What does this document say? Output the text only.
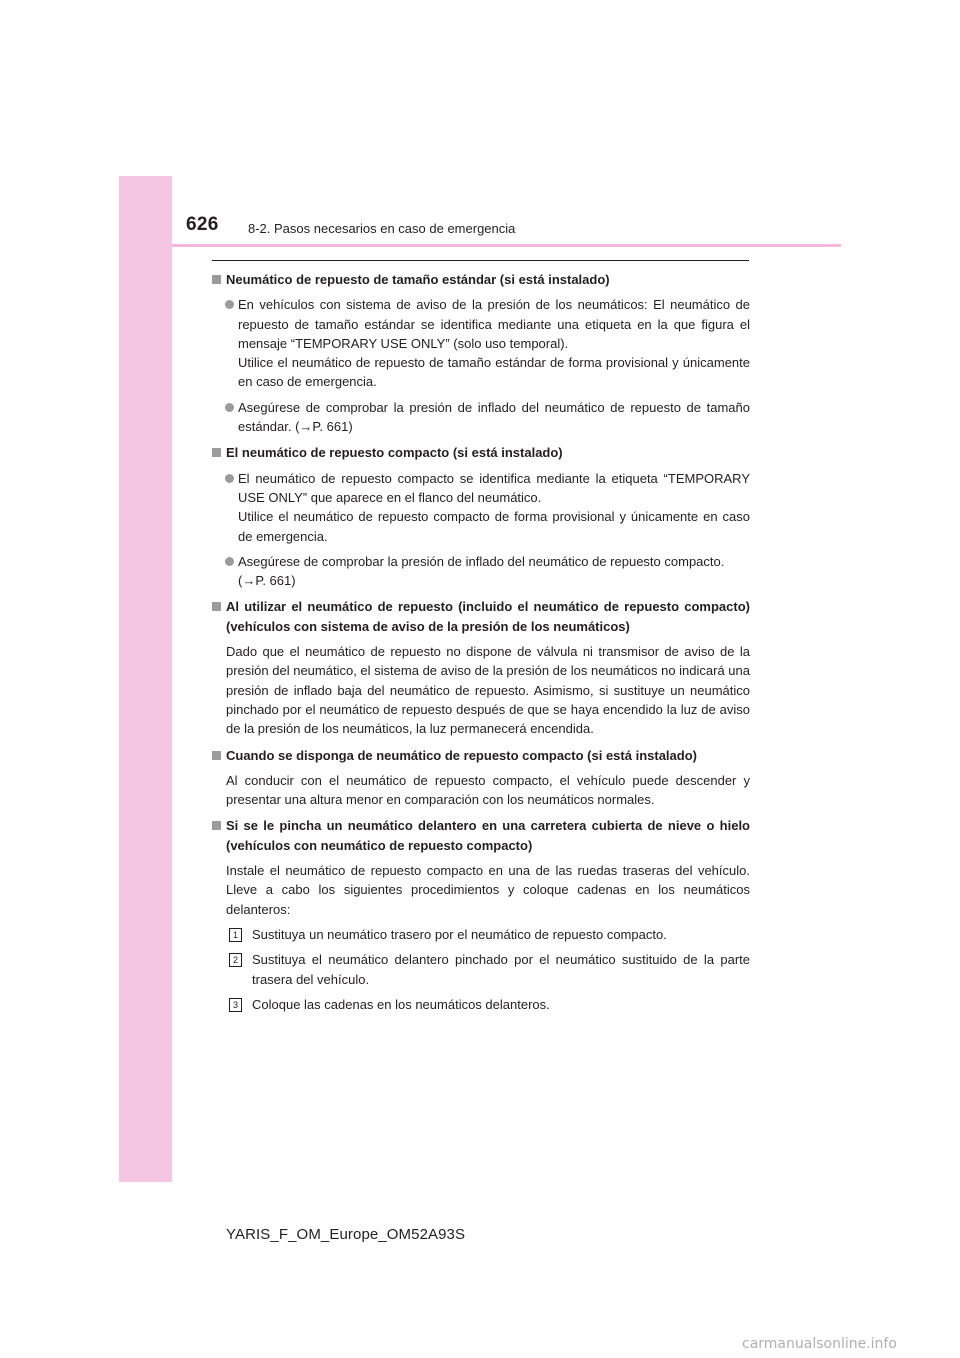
626 8-2. Pasos necesarios en caso de emergencia

Neumático de repuesto de tamaño estándar (si está instalado)

En vehículos con sistema de aviso de la presión de los neumáticos: El neumático de repuesto de tamaño estándar se identifica mediante una etiqueta en la que figura el mensaje “TEMPORARY USE ONLY” (solo uso temporal).
Utilice el neumático de repuesto de tamaño estándar de forma provisional y únicamente en caso de emergencia.

Asegúrese de comprobar la presión de inflado del neumático de repuesto de tamaño estándar. (→P. 661)

El neumático de repuesto compacto (si está instalado)

El neumático de repuesto compacto se identifica mediante la etiqueta “TEMPORARY USE ONLY” que aparece en el flanco del neumático.
Utilice el neumático de repuesto compacto de forma provisional y únicamente en caso de emergencia.

Asegúrese de comprobar la presión de inflado del neumático de repuesto compacto.
(→P. 661)

Al utilizar el neumático de repuesto (incluido el neumático de repuesto compacto) (vehículos con sistema de aviso de la presión de los neumáticos)

Dado que el neumático de repuesto no dispone de válvula ni transmisor de aviso de la presión del neumático, el sistema de aviso de la presión de los neumáticos no indicará una presión de inflado baja del neumático de repuesto. Asimismo, si sustituye un neumático pinchado por el neumático de repuesto después de que se haya encendido la luz de aviso de la presión de los neumáticos, la luz permanecerá encendida.

Cuando se disponga de neumático de repuesto compacto (si está instalado)

Al conducir con el neumático de repuesto compacto, el vehículo puede descender y presentar una altura menor en comparación con los neumáticos normales.

Si se le pincha un neumático delantero en una carretera cubierta de nieve o hielo (vehículos con neumático de repuesto compacto)

Instale el neumático de repuesto compacto en una de las ruedas traseras del vehículo. Lleve a cabo los siguientes procedimientos y coloque cadenas en los neumáticos delanteros:

1	Sustituya un neumático trasero por el neumático de repuesto compacto.

2	Sustituya el neumático delantero pinchado por el neumático sustituido de la parte trasera del vehículo.

3	Coloque las cadenas en los neumáticos delanteros.

YARIS_F_OM_Europe_OM52A93S
carmanualsonline.info
